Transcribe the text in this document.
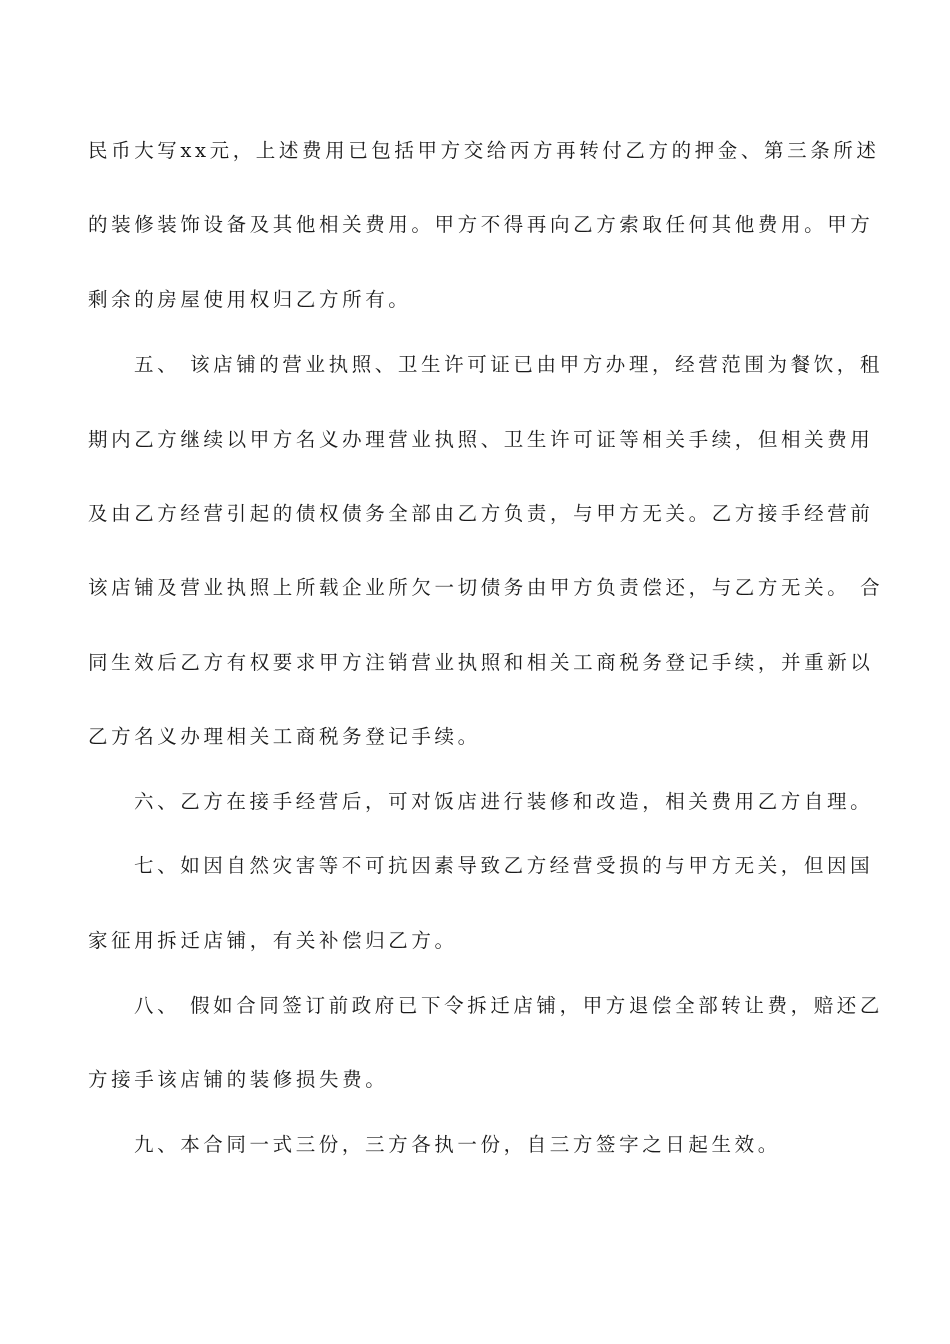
民币大写xx元，上述费用已包括甲方交给丙方再转付乙方的押金、第三条所述
的装修装饰设备及其他相关费用。甲方不得再向乙方索取任何其他费用。甲方
剩余的房屋使用权归乙方所有。
五、 该店铺的营业执照、卫生许可证已由甲方办理，经营范围为餐饮，租
期内乙方继续以甲方名义办理营业执照、卫生许可证等相关手续，但相关费用
及由乙方经营引起的债权债务全部由乙方负责，与甲方无关。乙方接手经营前
该店铺及营业执照上所载企业所欠一切债务由甲方负责偿还，与乙方无关。 合
同生效后乙方有权要求甲方注销营业执照和相关工商税务登记手续，并重新以
乙方名义办理相关工商税务登记手续。
六、乙方在接手经营后，可对饭店进行装修和改造，相关费用乙方自理。
七、如因自然灾害等不可抗因素导致乙方经营受损的与甲方无关，但因国
家征用拆迁店铺，有关补偿归乙方。
八、 假如合同签订前政府已下令拆迁店铺，甲方退偿全部转让费，赔还乙
方接手该店铺的装修损失费。
九、本合同一式三份，三方各执一份，自三方签字之日起生效。
